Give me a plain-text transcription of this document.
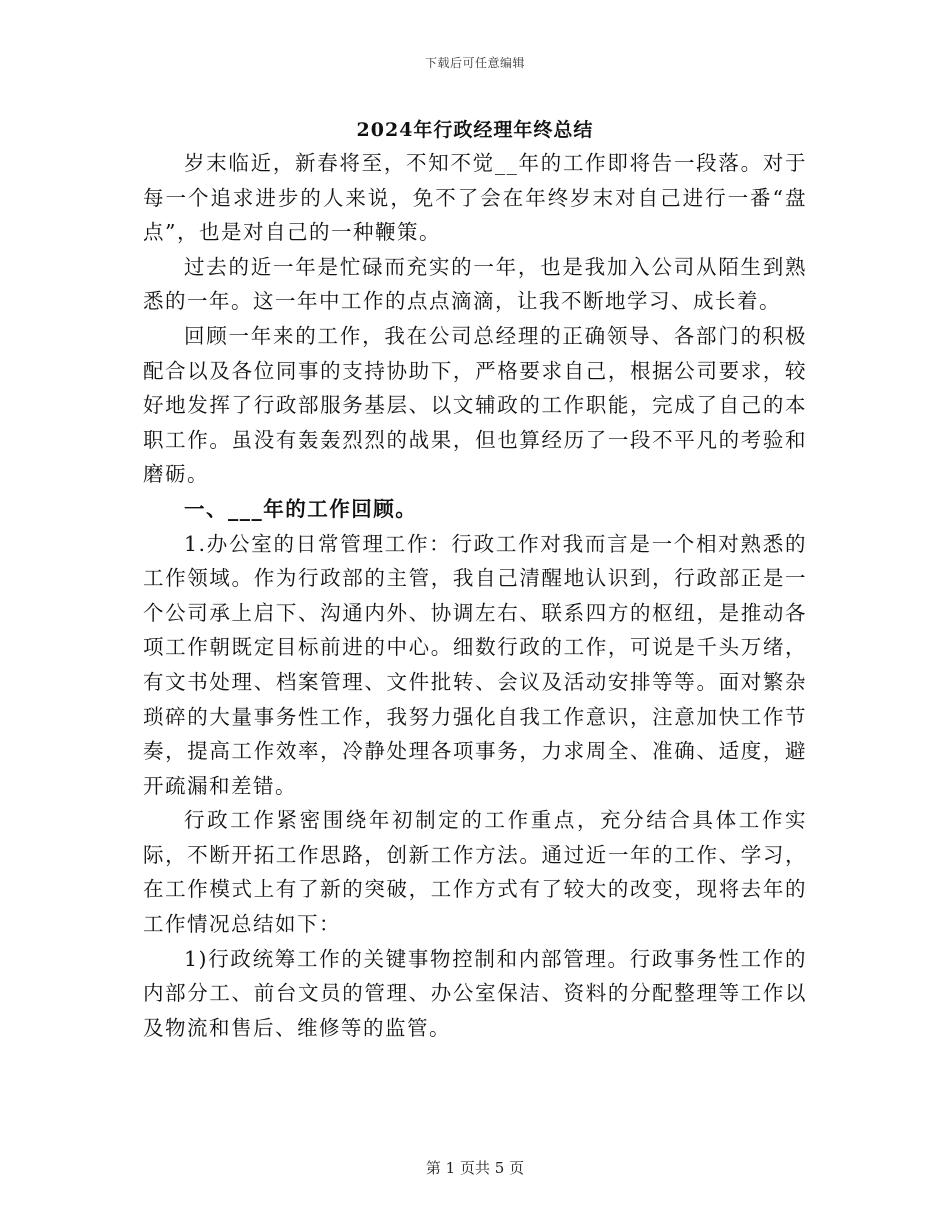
下载后可任意编辑
2024年行政经理年终总结

岁末临近，新春将至，不知不觉__年的工作即将告一段落。对于每一个追求进步的人来说，免不了会在年终岁末对自己进行一番“盘点”，也是对自己的一种鞭策。

过去的近一年是忙碌而充实的一年，也是我加入公司从陌生到熟悉的一年。这一年中工作的点点滴滴，让我不断地学习、成长着。

回顾一年来的工作，我在公司总经理的正确领导、各部门的积极配合以及各位同事的支持协助下，严格要求自己，根据公司要求，较好地发挥了行政部服务基层、以文辅政的工作职能，完成了自己的本职工作。虽没有轰轰烈烈的战果，但也算经历了一段不平凡的考验和磨砺。

一、___年的工作回顾。

1.办公室的日常管理工作：行政工作对我而言是一个相对熟悉的工作领域。作为行政部的主管，我自己清醒地认识到，行政部正是一个公司承上启下、沟通内外、协调左右、联系四方的枢纽，是推动各项工作朝既定目标前进的中心。细数行政的工作，可说是千头万绪，有文书处理、档案管理、文件批转、会议及活动安排等等。面对繁杂琐碎的大量事务性工作，我努力强化自我工作意识，注意加快工作节奏，提高工作效率，冷静处理各项事务，力求周全、准确、适度，避开疏漏和差错。

行政工作紧密围绕年初制定的工作重点，充分结合具体工作实际，不断开拓工作思路，创新工作方法。通过近一年的工作、学习，在工作模式上有了新的突破，工作方式有了较大的改变，现将去年的工作情况总结如下：

1)行政统筹工作的关键事物控制和内部管理。行政事务性工作的内部分工、前台文员的管理、办公室保洁、资料的分配整理等工作以及物流和售后、维修等的监管。

第 1 页共 5 页
